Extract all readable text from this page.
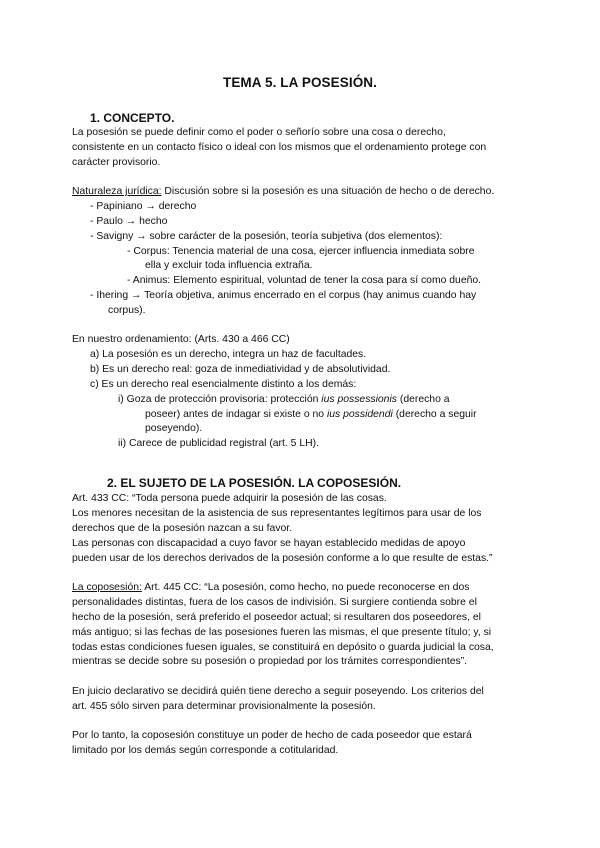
TEMA 5. LA POSESIÓN.
1. CONCEPTO.
La posesión se puede definir como el poder o señorío sobre una cosa o derecho,
consistente en un contacto físico o ideal con los mismos que el ordenamiento protege con
carácter provisorio.
Naturaleza jurídica: Discusión sobre si la posesión es una situación de hecho o de derecho.
- Papiniano → derecho
- Paulo → hecho
- Savigny → sobre carácter de la posesión, teoría subjetiva (dos elementos):
- Corpus: Tenencia material de una cosa, ejercer influencia inmediata sobre
ella y excluir toda influencia extraña.
- Animus: Elemento espiritual, voluntad de tener la cosa para sí como dueño.
- Ihering → Teoría objetiva, animus encerrado en el corpus (hay animus cuando hay
corpus).
En nuestro ordenamiento: (Arts. 430 a 466 CC)
a) La posesión es un derecho, integra un haz de facultades.
b) Es un derecho real: goza de inmediatividad y de absolutividad.
c) Es un derecho real esencialmente distinto a los demás:
i) Goza de protección provisoria: protección ius possessionis (derecho a
poseer) antes de indagar si existe o no ius possidendi (derecho a seguir
poseyendo).
ii) Carece de publicidad registral (art. 5 LH).
2. EL SUJETO DE LA POSESIÓN. LA COPOSESIÓN.
Art. 433 CC: “Toda persona puede adquirir la posesión de las cosas.
Los menores necesitan de la asistencia de sus representantes legítimos para usar de los
derechos que de la posesión nazcan a su favor.
Las personas con discapacidad a cuyo favor se hayan establecido medidas de apoyo
pueden usar de los derechos derivados de la posesión conforme a lo que resulte de estas.”
La coposesión: Art. 445 CC: “La posesión, como hecho, no puede reconocerse en dos
personalidades distintas, fuera de los casos de indivisión. Si surgiere contienda sobre el
hecho de la posesión, será preferido el poseedor actual; si resultaren dos poseedores, el
más antiguo; si las fechas de las posesiones fueren las mismas, el que presente título; y, si
todas estas condiciones fuesen iguales, se constituirá en depósito o guarda judicial la cosa,
mientras se decide sobre su posesión o propiedad por los trámites correspondientes”.
En juicio declarativo se decidirá quién tiene derecho a seguir poseyendo. Los criterios del
art. 455 sólo sirven para determinar provisionalmente la posesión.
Por lo tanto, la coposesión constituye un poder de hecho de cada poseedor que estará
limitado por los demás según corresponde a cotitularidad.
